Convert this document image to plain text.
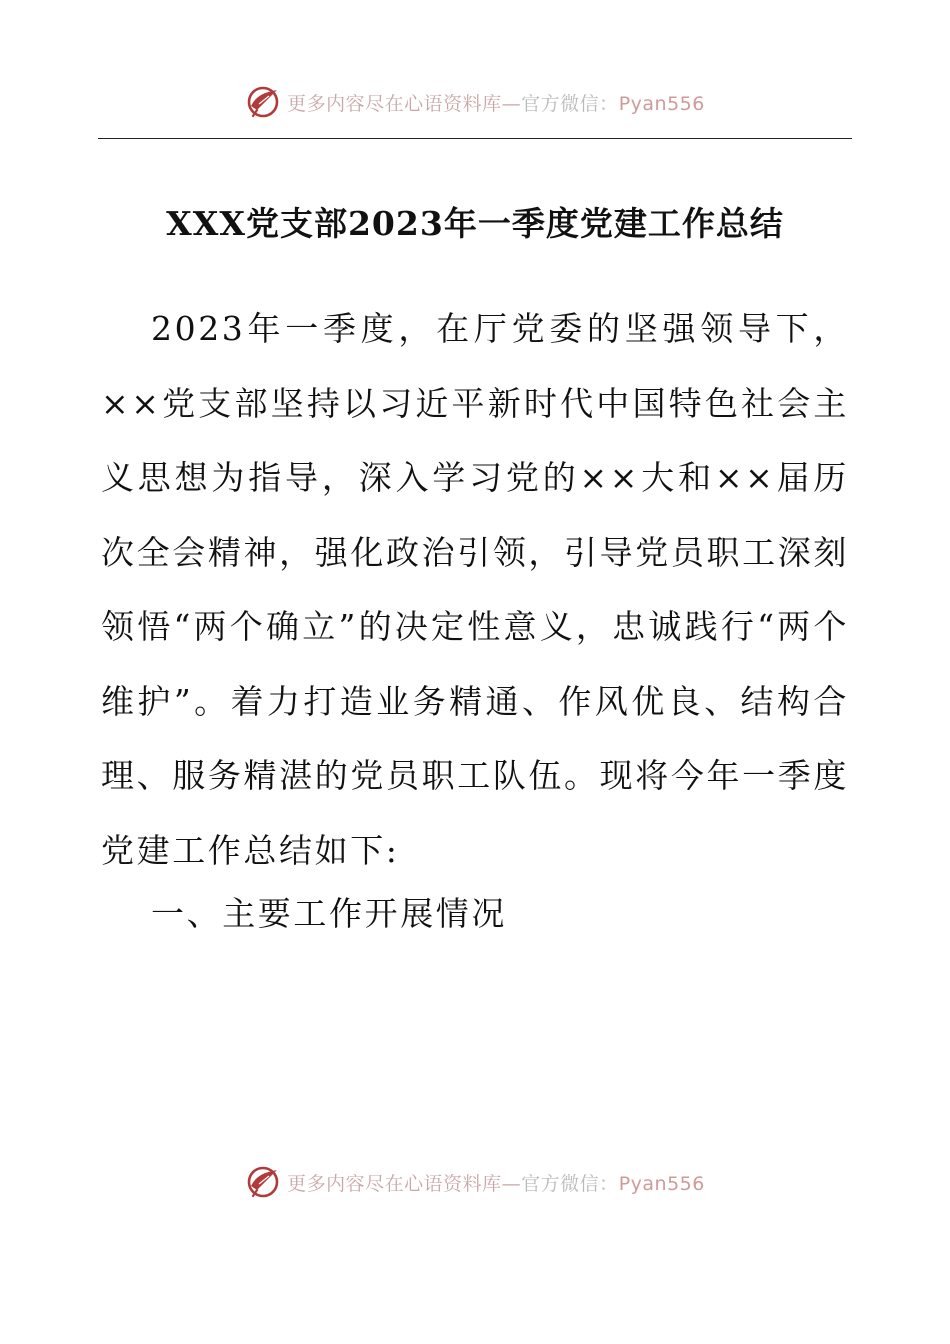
更多内容尽在心语资料库—官方微信：Pyan556
XXX党支部2023年一季度党建工作总结

2023年一季度，在厅党委的坚强领导下，××党支部坚持以习近平新时代中国特色社会主义思想为指导，深入学习党的××大和××届历次全会精神，强化政治引领，引导党员职工深刻领悟“两个确立”的决定性意义，忠诚践行“两个维护”。着力打造业务精通、作风优良、结构合理、服务精湛的党员职工队伍。现将今年一季度党建工作总结如下:

一、主要工作开展情况

更多内容尽在心语资料库—官方微信：Pyan556
